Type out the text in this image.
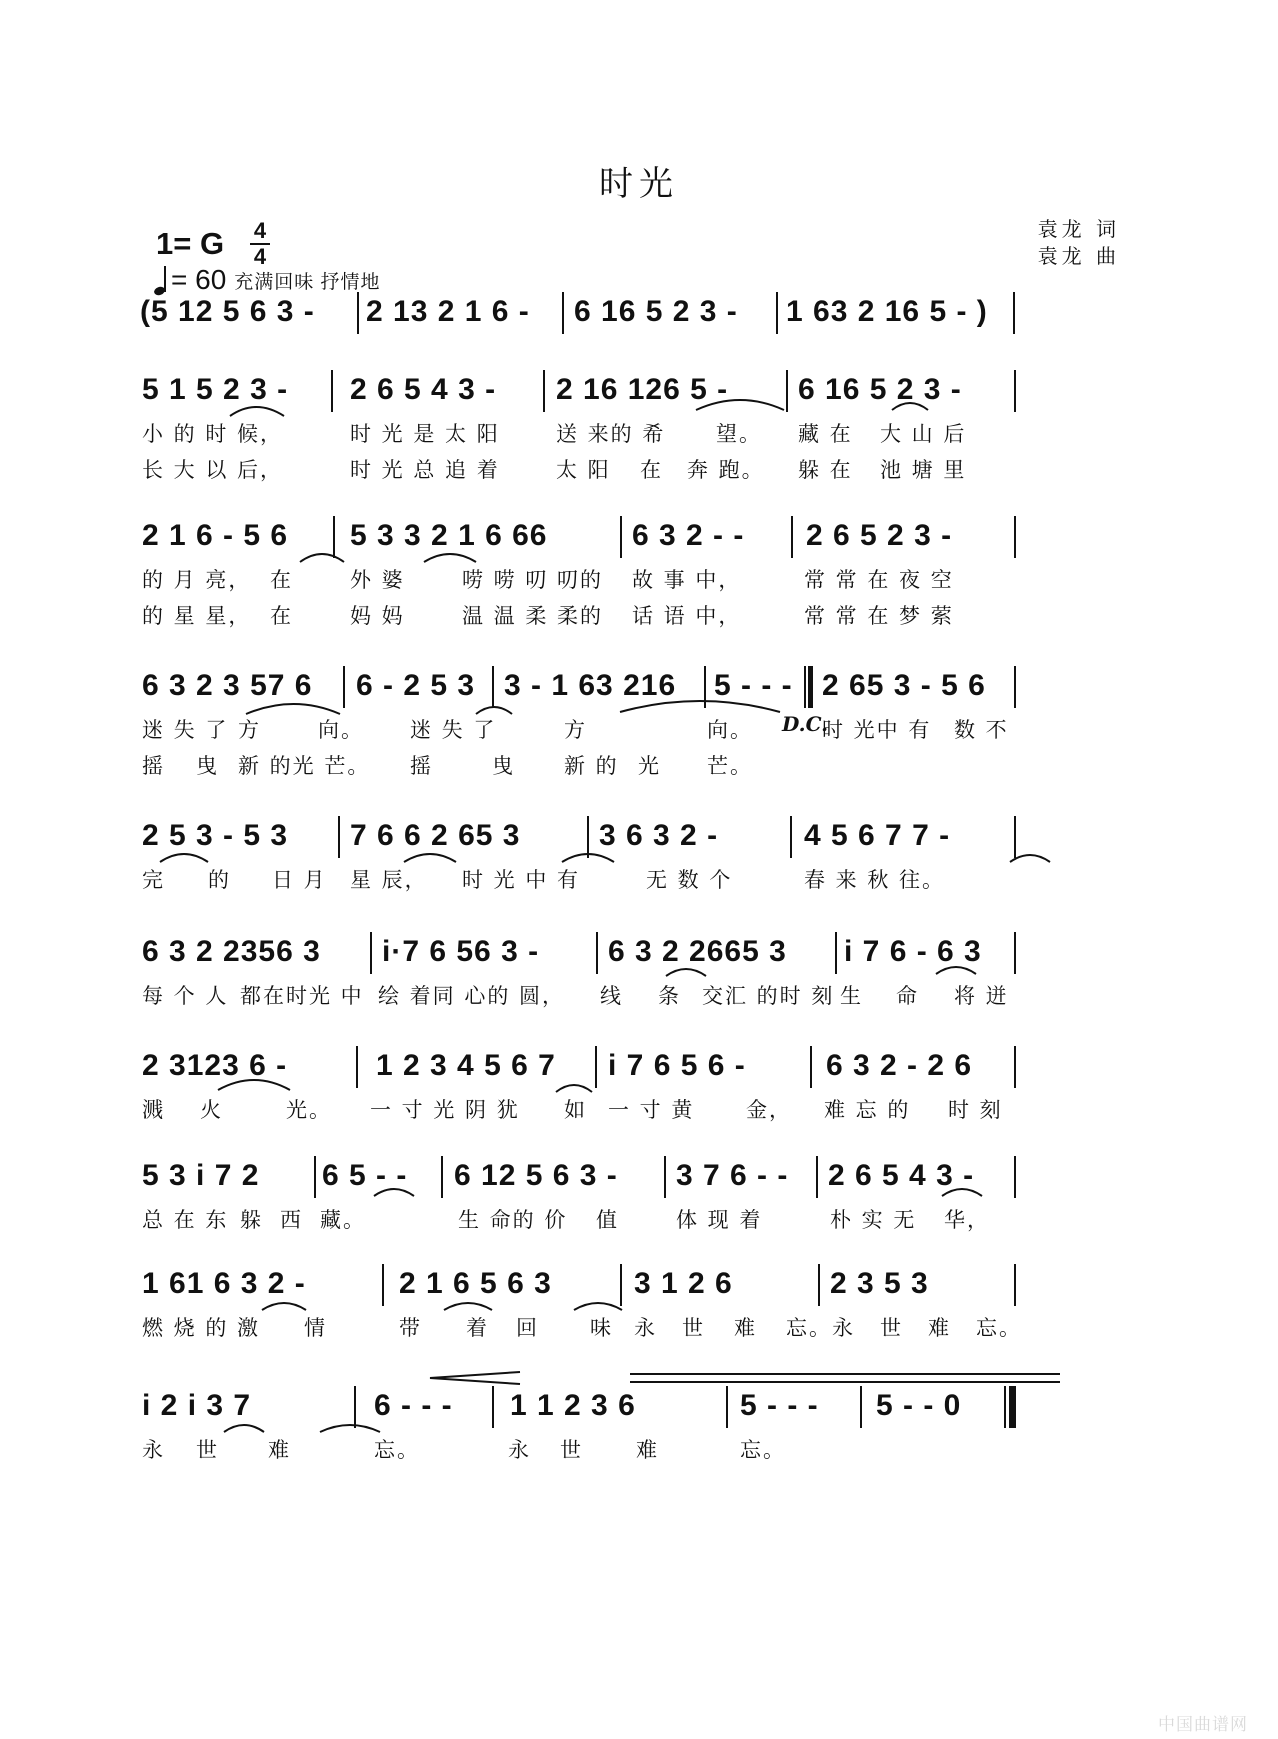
时光
袁龙 词
袁龙 曲
1= G 4
4
= 60 充满回味 抒情地
(5 12 5 6 3 - 2 13 2 1 6 - 6 16 5 2 3 - 1 63 2 16 5 - )
5 1 5 2 3 - 2 6 5 4 3 - 2 16 126 5 - 6 16 5 2 3 -
小 的 时 候，	时 光 是 太 阳	送 来的 希 望。 藏 在 大 山 后
长 大 以 后，	时 光 总 追 着	太 阳 在 奔 跑。 躲 在 池 塘 里
2 1 6 - 5 6 5 3 3 2 1 6 66	6 3 2 - - 2 6 5 2 3 -
的 月 亮， 在	外 婆	唠 唠 叨 叨的 故 事 中，	常 常 在 夜 空
的 星 星， 在	妈 妈	温 温 柔 柔的 话 语 中，	常 常 在 梦 萦
6 3 2 3 57 6 6 - 2 5 3 3 - 1 63 216 5 - - - 2 65 3 - 5 6
迷 失 了 方	向。 迷 失 了	方	向。	时 光中 有 数 不
摇 曳 新 的光 芒。 摇	曳 新 的 光 芒。
D.C.
2 5 3 - 5 3 7 6 6 2 65 3	3 6 3 2 -	4 5 6 7 7 -
完 的 日 月 星 辰， 时 光 中 有	无 数 个	春 来 秋 往。
6 3 2 2356 3 i·7 6 56 3 - 6 3 2 2665 3 i 7 6 - 6 3
每 个 人 都在时光 中 绘 着同 心的 圆， 线 条 交汇 的时 刻 生 命 将 迸
2 3123 6 -	1 2 3 4 5 6 7 i 7 6 5 6 -	6 3 2 - 2 6
溅 火	光。 一 寸 光 阴 犹 如 一 寸 黄 金， 难 忘 的 时 刻
5 3 i 7 2 6 5 - - 6 12 5 6 3 - 3 7 6 - - 2 6 5 4 3 -
总 在 东 躲 西 藏。	生 命的 价 值	体 现 着	朴 实 无 华，
1 61 6 3 2 -	2 1 6 5 6 3	3 1 2 6	2 3 5 3
燃 烧 的 激 情	带 着 回 味 永 世 难 忘。永 世 难 忘。
i 2 i 3 7	6 - - - 1 1 2 3 6	5 - - - 5 - - 0
永 世 难	忘。	永 世	难	忘。
中国曲谱网
